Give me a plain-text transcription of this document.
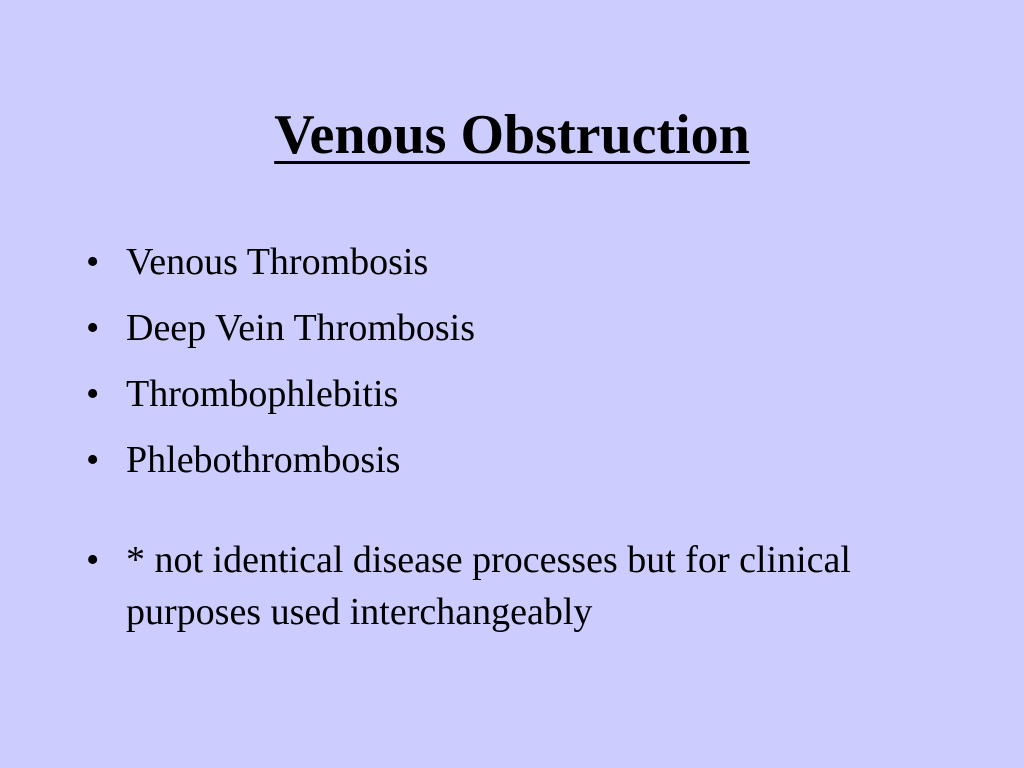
Venous Obstruction
• Venous Thrombosis
• Deep Vein Thrombosis
• Thrombophlebitis
• Phlebothrombosis
• * not identical disease processes but for clinical purposes used interchangeably
